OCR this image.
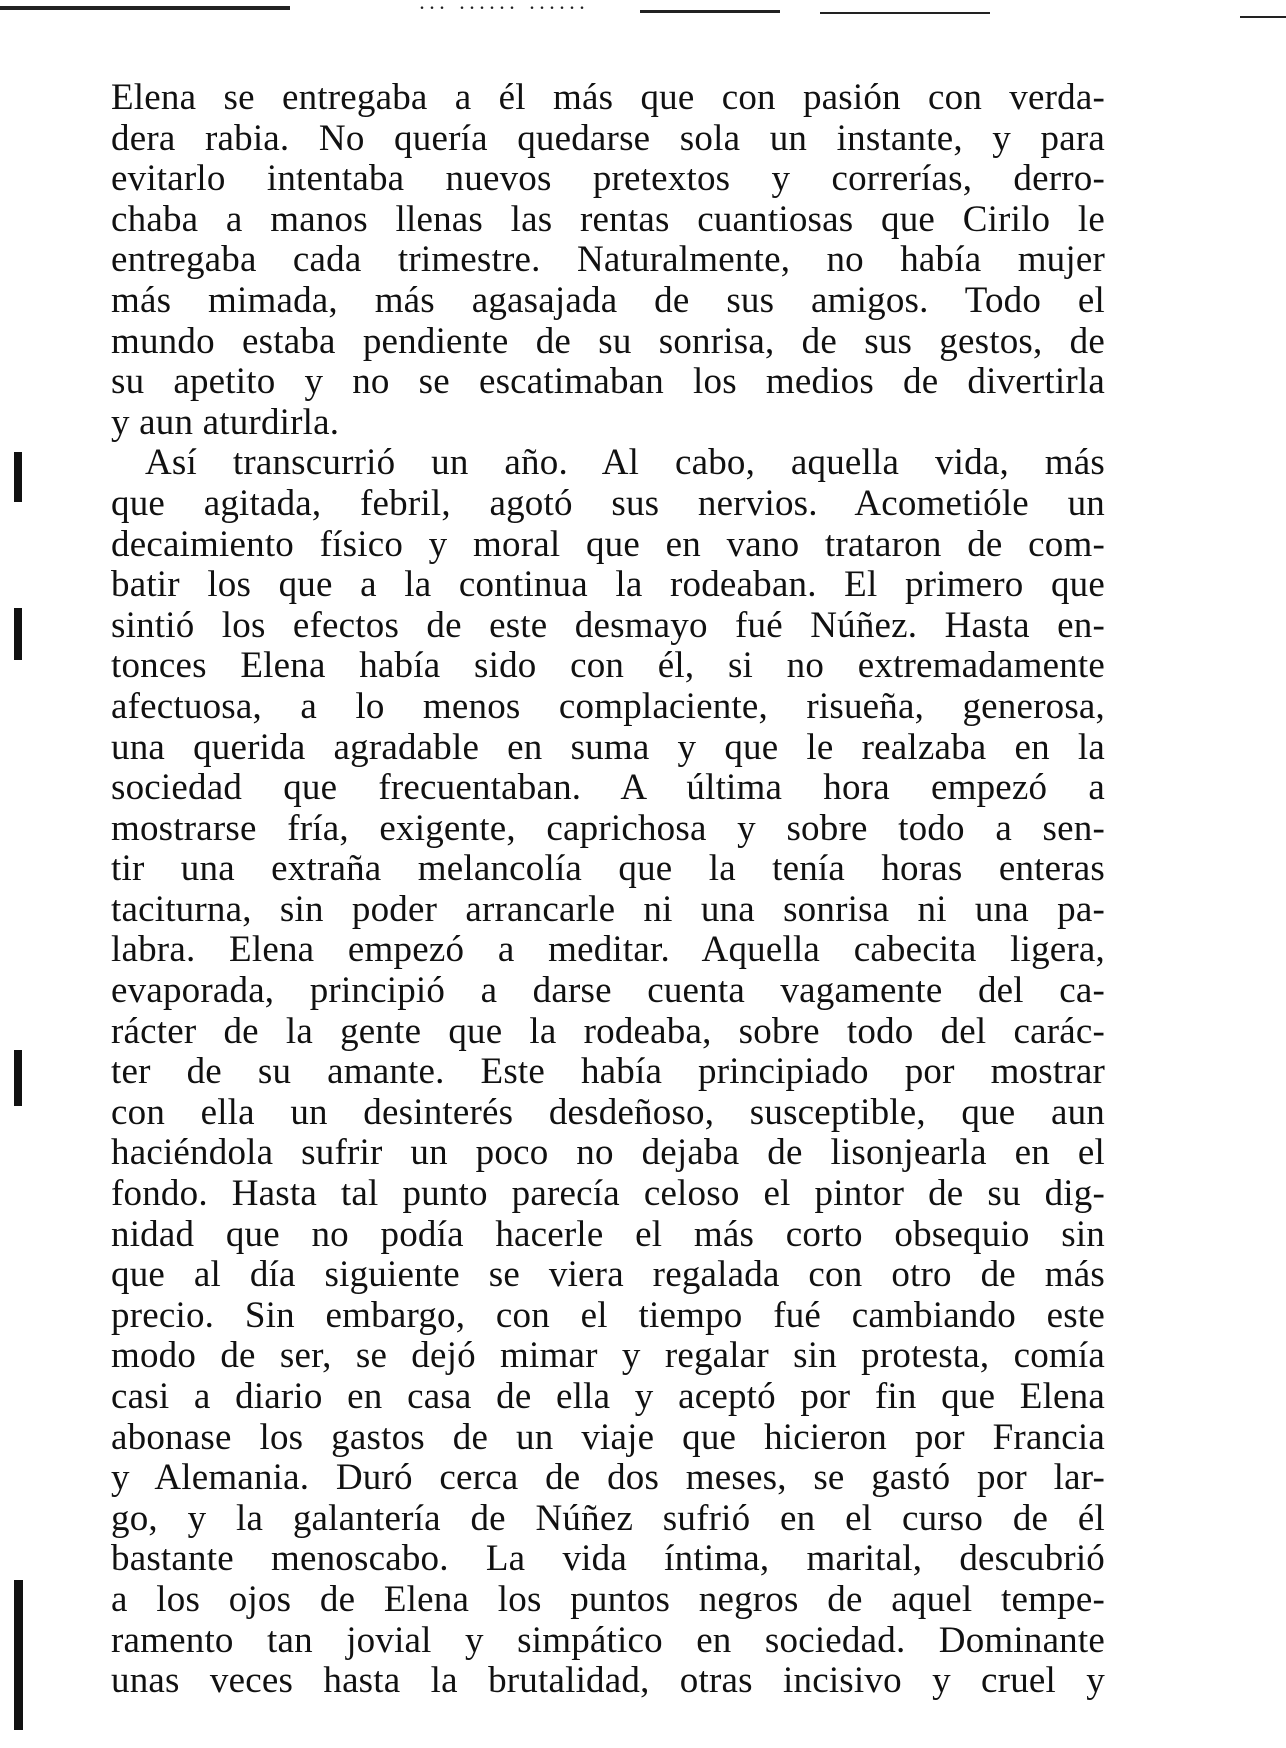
... ...... ......
Elena se entregaba a él más que con pasión con verda-
dera rabia. No quería quedarse sola un instante, y para
evitarlo intentaba nuevos pretextos y correrías, derro-
chaba a manos llenas las rentas cuantiosas que Cirilo le
entregaba cada trimestre. Naturalmente, no había mujer
más mimada, más agasajada de sus amigos. Todo el
mundo estaba pendiente de su sonrisa, de sus gestos, de
su apetito y no se escatimaban los medios de divertirla
y aun aturdirla.
Así transcurrió un año. Al cabo, aquella vida, más
que agitada, febril, agotó sus nervios. Acometióle un
decaimiento físico y moral que en vano trataron de com-
batir los que a la continua la rodeaban. El primero que
sintió los efectos de este desmayo fué Núñez. Hasta en-
tonces Elena había sido con él, si no extremadamente
afectuosa, a lo menos complaciente, risueña, generosa,
una querida agradable en suma y que le realzaba en la
sociedad que frecuentaban. A última hora empezó a
mostrarse fría, exigente, caprichosa y sobre todo a sen-
tir una extraña melancolía que la tenía horas enteras
taciturna, sin poder arrancarle ni una sonrisa ni una pa-
labra. Elena empezó a meditar. Aquella cabecita ligera,
evaporada, principió a darse cuenta vagamente del ca-
rácter de la gente que la rodeaba, sobre todo del carác-
ter de su amante. Este había principiado por mostrar
con ella un desinterés desdeñoso, susceptible, que aun
haciéndola sufrir un poco no dejaba de lisonjearla en el
fondo. Hasta tal punto parecía celoso el pintor de su dig-
nidad que no podía hacerle el más corto obsequio sin
que al día siguiente se viera regalada con otro de más
precio. Sin embargo, con el tiempo fué cambiando este
modo de ser, se dejó mimar y regalar sin protesta, comía
casi a diario en casa de ella y aceptó por fin que Elena
abonase los gastos de un viaje que hicieron por Francia
y Alemania. Duró cerca de dos meses, se gastó por lar-
go, y la galantería de Núñez sufrió en el curso de él
bastante menoscabo. La vida íntima, marital, descubrió
a los ojos de Elena los puntos negros de aquel tempe-
ramento tan jovial y simpático en sociedad. Dominante
unas veces hasta la brutalidad, otras incisivo y cruel y
